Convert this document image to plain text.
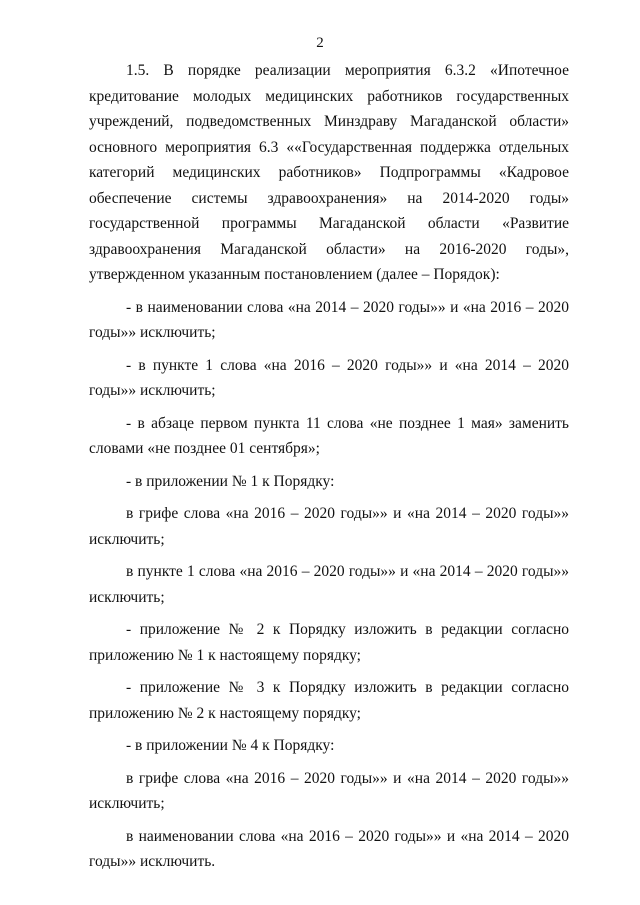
2

1.5. В порядке реализации мероприятия 6.3.2 «Ипотечное кредитование молодых медицинских работников государственных учреждений, подведомственных Минздраву Магаданской области» основного мероприятия 6.3 ««Государственная поддержка отдельных категорий медицинских работников» Подпрограммы «Кадровое обеспечение системы здравоохранения» на 2014-2020 годы» государственной программы Магаданской области «Развитие здравоохранения Магаданской области» на 2016-2020 годы», утвержденном указанным постановлением (далее – Порядок):

- в наименовании слова «на 2014 – 2020 годы»» и «на 2016 – 2020 годы»» исключить;

- в пункте 1 слова «на 2016 – 2020 годы»» и «на 2014 – 2020 годы»» исключить;

- в абзаце первом пункта 11 слова «не позднее 1 мая» заменить словами «не позднее 01 сентября»;

- в приложении № 1 к Порядку:

в грифе слова «на 2016 – 2020 годы»» и «на 2014 – 2020 годы»» исключить;

в пункте 1 слова «на 2016 – 2020 годы»» и «на 2014 – 2020 годы»» исключить;

- приложение № 2 к Порядку изложить в редакции согласно приложению № 1 к настоящему порядку;

- приложение № 3 к Порядку изложить в редакции согласно приложению № 2 к настоящему порядку;

- в приложении № 4 к Порядку:

в грифе слова «на 2016 – 2020 годы»» и «на 2014 – 2020 годы»» исключить;

в наименовании слова «на 2016 – 2020 годы»» и «на 2014 – 2020 годы»» исключить.
